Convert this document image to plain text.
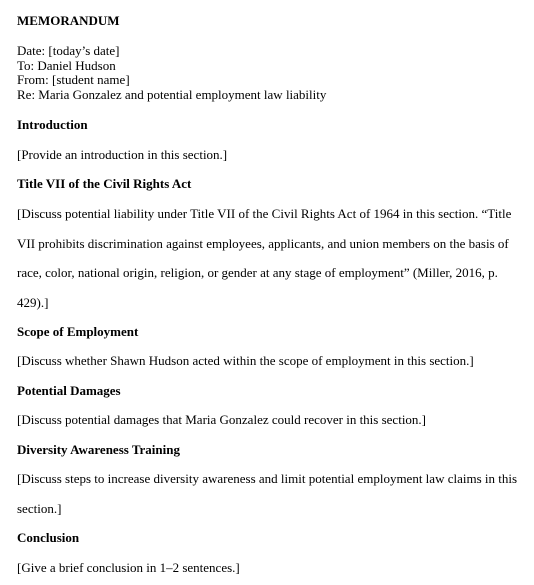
MEMORANDUM
Date: [today’s date]
To: Daniel Hudson
From: [student name]
Re: Maria Gonzalez and potential employment law liability
Introduction

[Provide an introduction in this section.]

Title VII of the Civil Rights Act

[Discuss potential liability under Title VII of the Civil Rights Act of 1964 in this section. “Title VII prohibits discrimination against employees, applicants, and union members on the basis of race, color, national origin, religion, or gender at any stage of employment” (Miller, 2016, p. 429).]

Scope of Employment

[Discuss whether Shawn Hudson acted within the scope of employment in this section.]

Potential Damages

[Discuss potential damages that Maria Gonzalez could recover in this section.]

Diversity Awareness Training

[Discuss steps to increase diversity awareness and limit potential employment law claims in this section.]

Conclusion

[Give a brief conclusion in 1–2 sentences.]
